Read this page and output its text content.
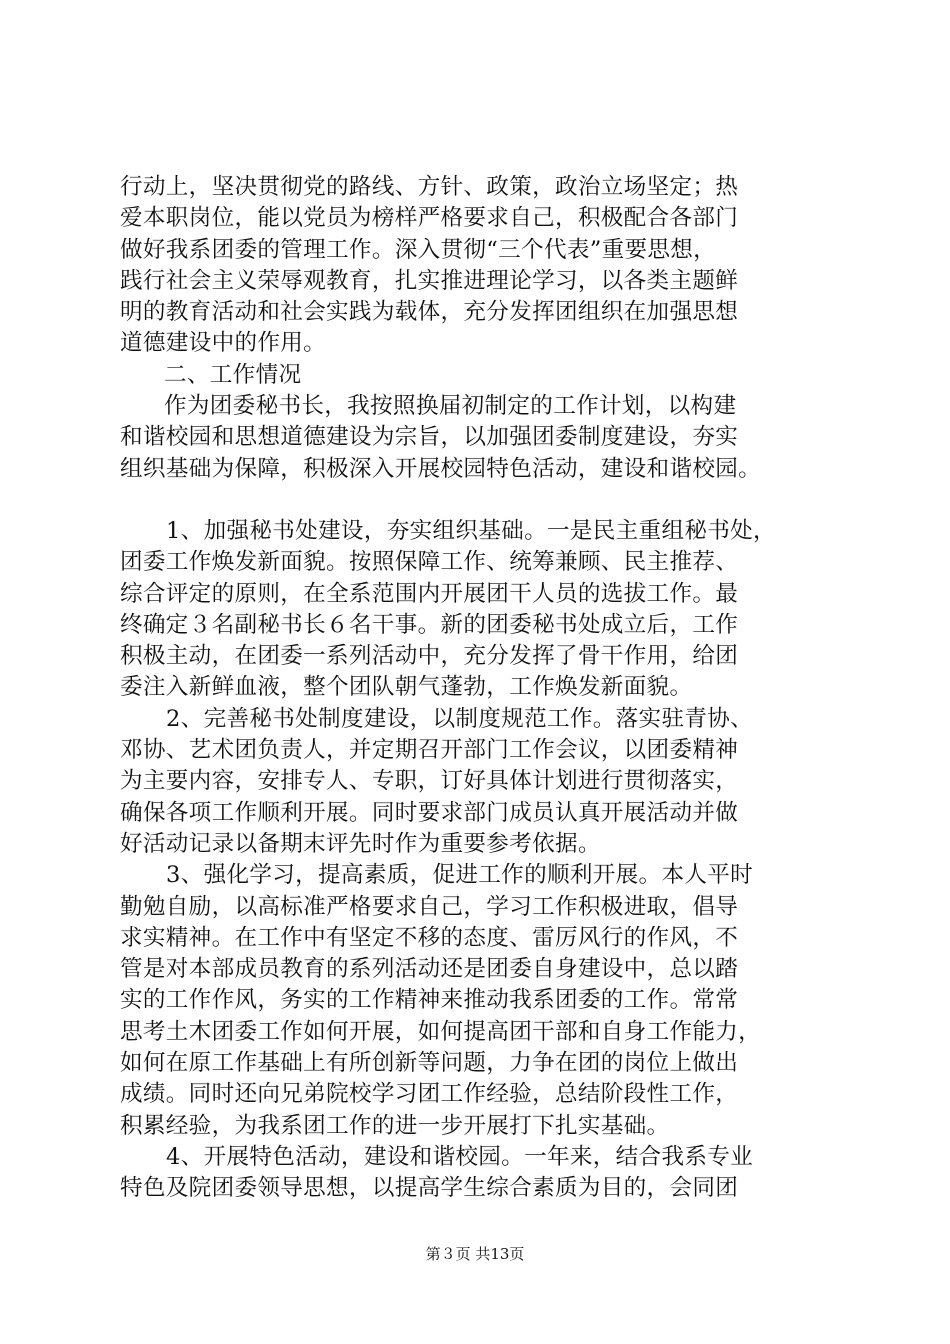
行动上，坚决贯彻党的路线、方针、政策，政治立场坚定；热
爱本职岗位，能以党员为榜样严格要求自己，积极配合各部门
做好我系团委的管理工作。深入贯彻“三个代表”重要思想，
践行社会主义荣辱观教育，扎实推进理论学习，以各类主题鲜
明的教育活动和社会实践为载体，充分发挥团组织在加强思想
道德建设中的作用。
二、工作情况
作为团委秘书长，我按照换届初制定的工作计划，以构建
和谐校园和思想道德建设为宗旨，以加强团委制度建设，夯实
组织基础为保障，积极深入开展校园特色活动，建设和谐校园。
1、加强秘书处建设，夯实组织基础。一是民主重组秘书处，
团委工作焕发新面貌。按照保障工作、统筹兼顾、民主推荐、
综合评定的原则，在全系范围内开展团干人员的选拔工作。最
终确定３名副秘书长６名干事。新的团委秘书处成立后，工作
积极主动，在团委一系列活动中，充分发挥了骨干作用，给团
委注入新鲜血液，整个团队朝气蓬勃，工作焕发新面貌。
2、完善秘书处制度建设，以制度规范工作。落实驻青协、
邓协、艺术团负责人，并定期召开部门工作会议，以团委精神
为主要内容，安排专人、专职，订好具体计划进行贯彻落实，
确保各项工作顺利开展。同时要求部门成员认真开展活动并做
好活动记录以备期末评先时作为重要参考依据。
3、强化学习，提高素质，促进工作的顺利开展。本人平时
勤勉自励，以高标准严格要求自己，学习工作积极进取，倡导
求实精神。在工作中有坚定不移的态度、雷厉风行的作风，不
管是对本部成员教育的系列活动还是团委自身建设中，总以踏
实的工作作风，务实的工作精神来推动我系团委的工作。常常
思考土木团委工作如何开展，如何提高团干部和自身工作能力，
如何在原工作基础上有所创新等问题，力争在团的岗位上做出
成绩。同时还向兄弟院校学习团工作经验，总结阶段性工作，
积累经验，为我系团工作的进一步开展打下扎实基础。
4、开展特色活动，建设和谐校园。一年来，结合我系专业
特色及院团委领导思想，以提高学生综合素质为目的，会同团
第３页 共13页
